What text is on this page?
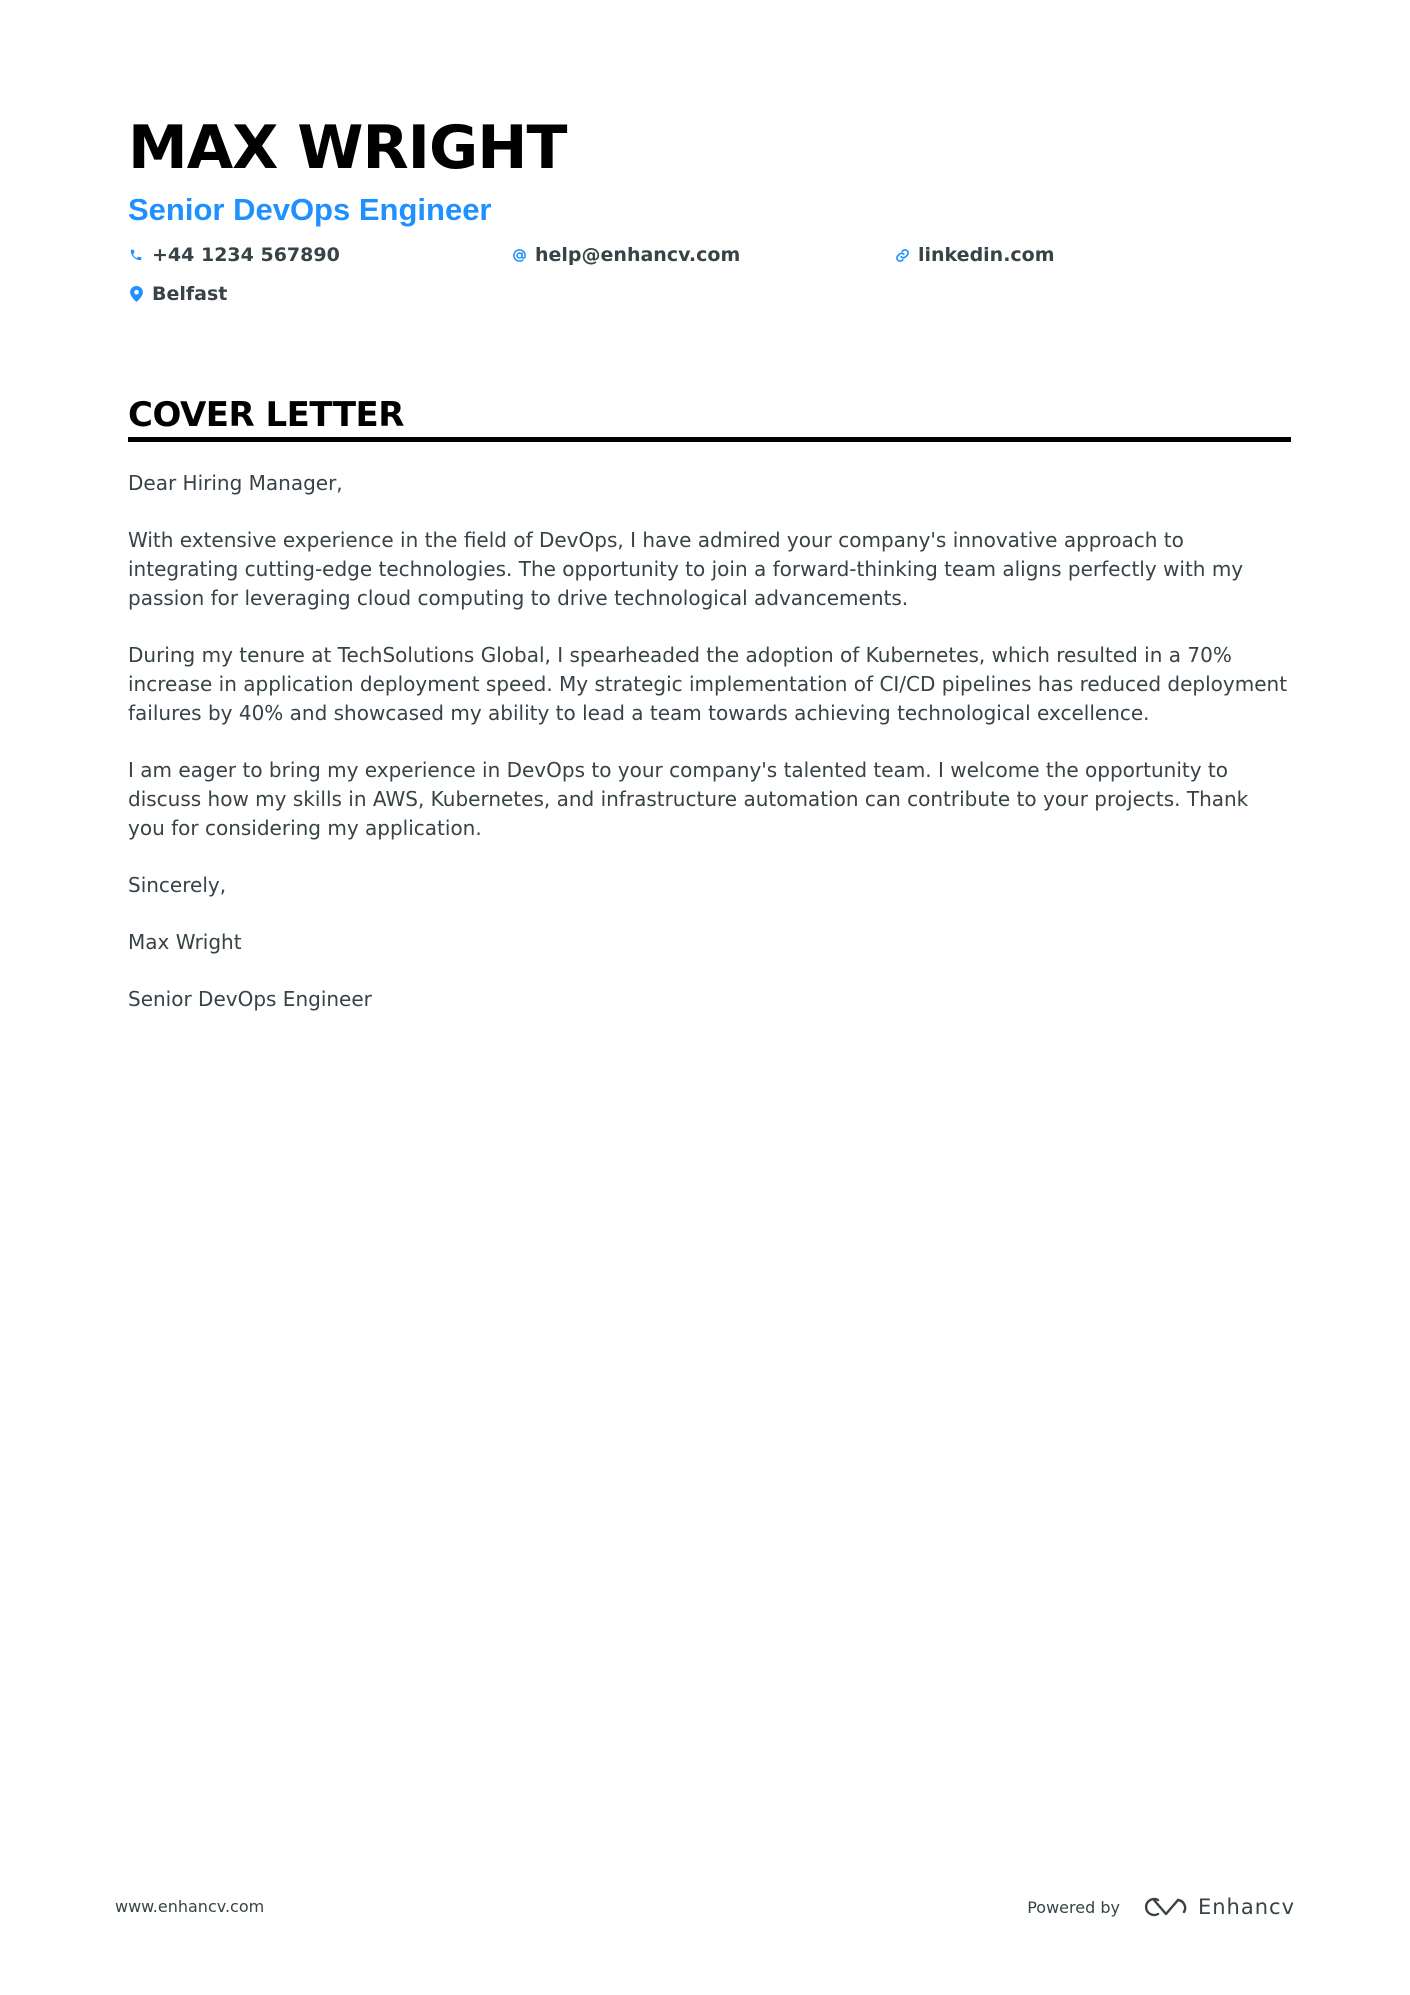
MAX WRIGHT
Senior DevOps Engineer
+44 1234 567890	help@enhancv.com	linkedin.com
Belfast
COVER LETTER

Dear Hiring Manager,

With extensive experience in the field of DevOps, I have admired your company's innovative approach to integrating cutting-edge technologies. The opportunity to join a forward-thinking team aligns perfectly with my passion for leveraging cloud computing to drive technological advancements.

During my tenure at TechSolutions Global, I spearheaded the adoption of Kubernetes, which resulted in a 70% increase in application deployment speed. My strategic implementation of CI/CD pipelines has reduced deployment failures by 40% and showcased my ability to lead a team towards achieving technological excellence.

I am eager to bring my experience in DevOps to your company's talented team. I welcome the opportunity to discuss how my skills in AWS, Kubernetes, and infrastructure automation can contribute to your projects. Thank you for considering my application.

Sincerely,

Max Wright

Senior DevOps Engineer

www.enhancv.com	Powered by	Enhancv
